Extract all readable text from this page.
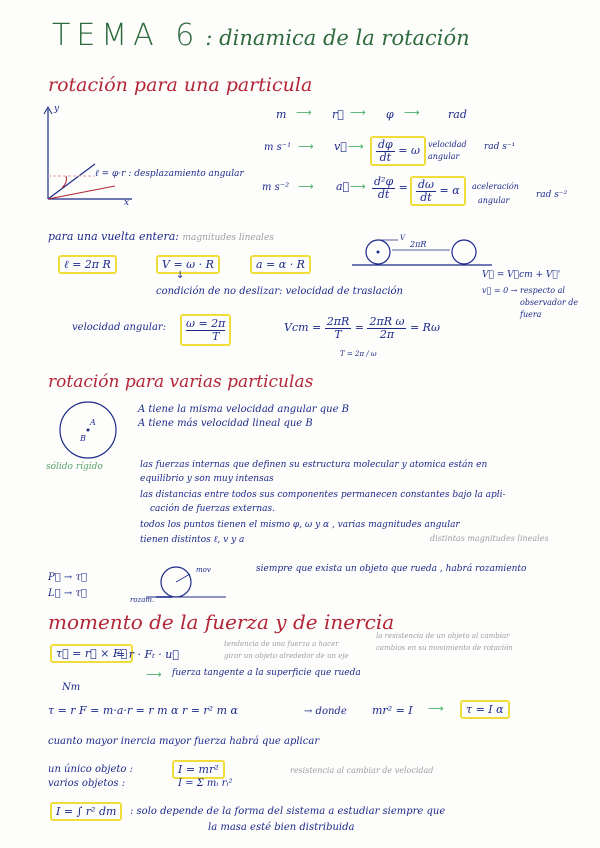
TEMA 6 : dinamica de la rotación
rotación para una particula
y
x
ℓ = φ·r : desplazamiento angular
m ⟶ r⃗ ⟶ φ ⟶	rad
m s⁻¹ ⟶ v⃗ ⟶ $\frac{d\varphi}{dt} = \omega$	velocidad
angular
rad s⁻¹
m s⁻² ⟶ a⃗ ⟶ $\frac{\text{d²φ}}{dt} = \frac{d\omega}{dt} = \alpha$	aceleración
angular
rad s⁻²
para una vuelta entera: magnitudes lineales
ℓ = 2π R	V = ω · R	a = α · R
V
2πR
V⃗ = V⃗cm + V⃗'
v⃗ = 0 → respecto al
observador de
fuera
↓
condición de no deslizar: velocidad de traslación
velocidad angular:	ω = 2π
T
Vcm = $\frac{2\pi R}{T} = \frac{\text{2πR ω}}{2\pi} = R\omega$
T = 2π / ω
rotación para varias particulas
A
B
A tiene la misma velocidad angular que B
A tiene más velocidad lineal que B
sólido rígido	las fuerzas internas que definen su estructura molecular y atomica están en
equilibrio y son muy intensas
las distancias entre todos sus componentes permanecen constantes bajo la apli-
cación de fuerzas externas.
todos los puntos tienen el mismo φ, ω y α , varias magnitudes angular
tienen distintos ℓ, v y a	distintas magnitudes lineales
P⃗ → τ⃗
L⃗ → τ⃗
mov
rozam.
siempre que exista un objeto que rueda , habrá rozamiento
momento de la fuerza y de inercia
τ⃗ = r⃗ × F⃗
= r · Fₜ · u⃗
tendencia de una fuerza a hacer
girar un objeto alrededor de un eje
la resistencia de un objeto al cambiar
cambios en su movimiento de rotación
Nm
⟶ fuerza tangente a la superficie que rueda
τ = r F = m·a·r = r m α r = r² m α	→ donde mr² = I ⟶	τ = I α
cuanto mayor inercia mayor fuerza habrá que aplicar
un único objeto :	I = mr²
varios objetos :	I = Σ mᵢ rᵢ²
resistencia al cambiar de velocidad
I = ∫ r² dm	: solo depende de la forma del sistema a estudiar siempre que
la masa esté bien distribuida
